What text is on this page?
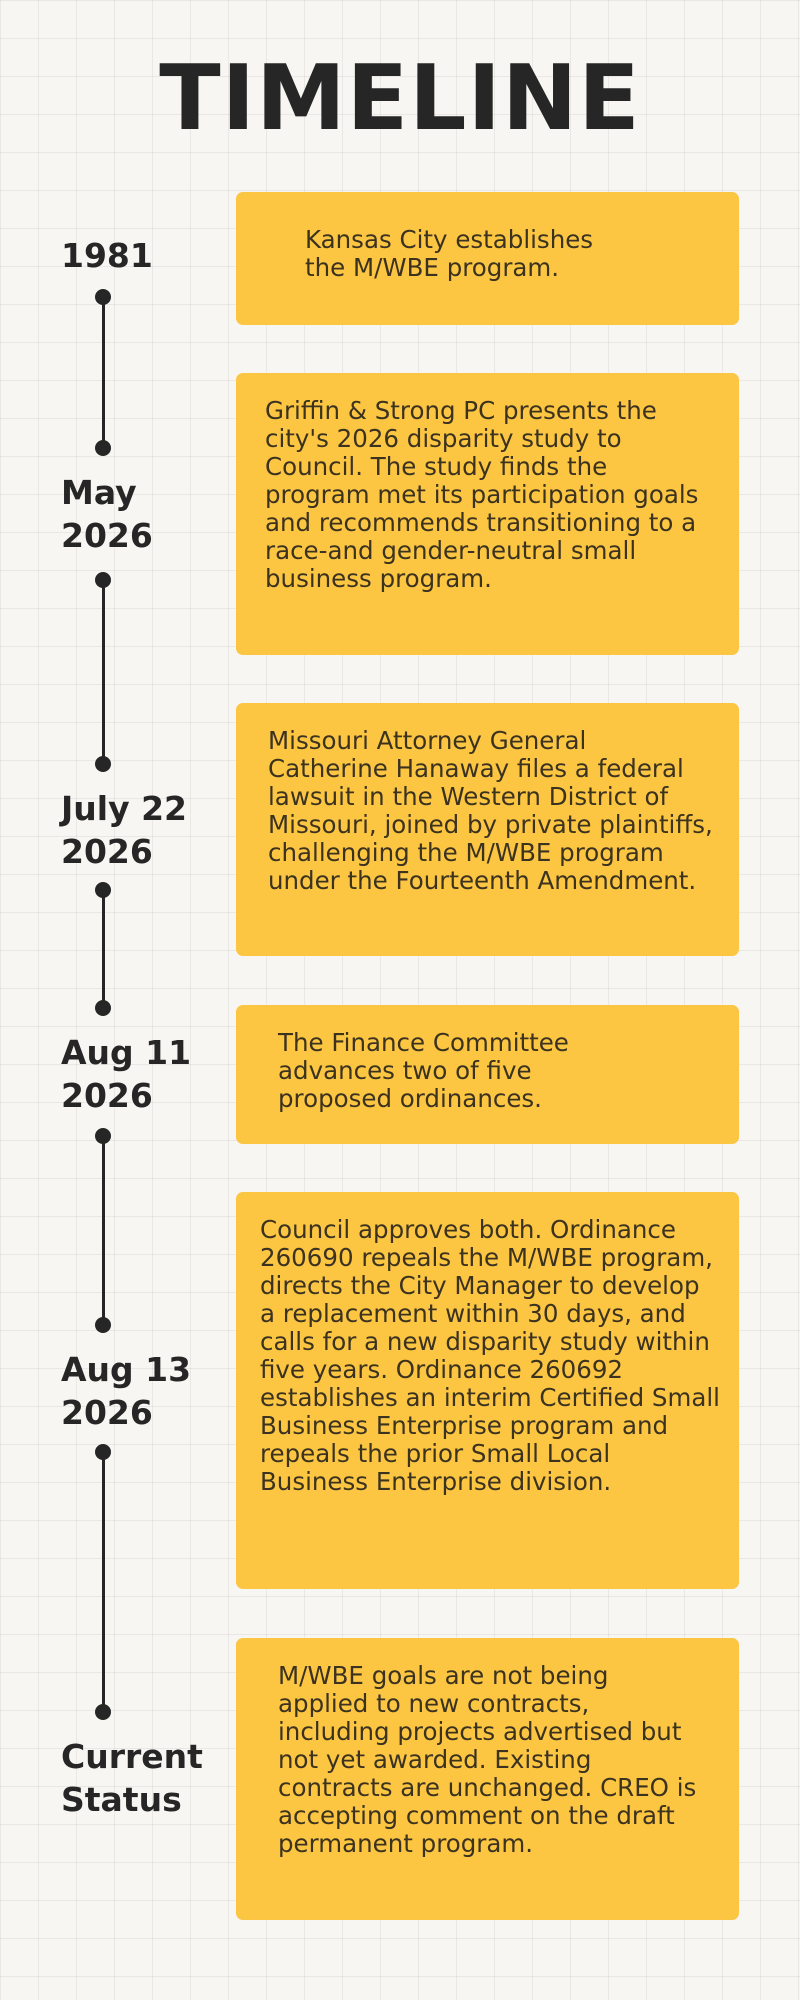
TIMELINE
1981
May
2026
July 22
2026
Aug 11
2026
Aug 13
2026
Current
Status
Kansas City establishes
the M/WBE program.
Griffin & Strong PC presents the city's 2026 disparity study to Council. The study finds the program met its participation goals and recommends transitioning to a race-and gender-neutral small business program.
Missouri Attorney General Catherine Hanaway files a federal lawsuit in the Western District of Missouri, joined by private plaintiffs, challenging the M/WBE program under the Fourteenth Amendment.
The Finance Committee advances two of five proposed ordinances.
Council approves both. Ordinance 260690 repeals the M/WBE program, directs the City Manager to develop a replacement within 30 days, and calls for a new disparity study within five years. Ordinance 260692 establishes an interim Certified Small Business Enterprise program and repeals the prior Small Local Business Enterprise division.
M/WBE goals are not being applied to new contracts, including projects advertised but not yet awarded. Existing contracts are unchanged. CREO is accepting comment on the draft permanent program.
